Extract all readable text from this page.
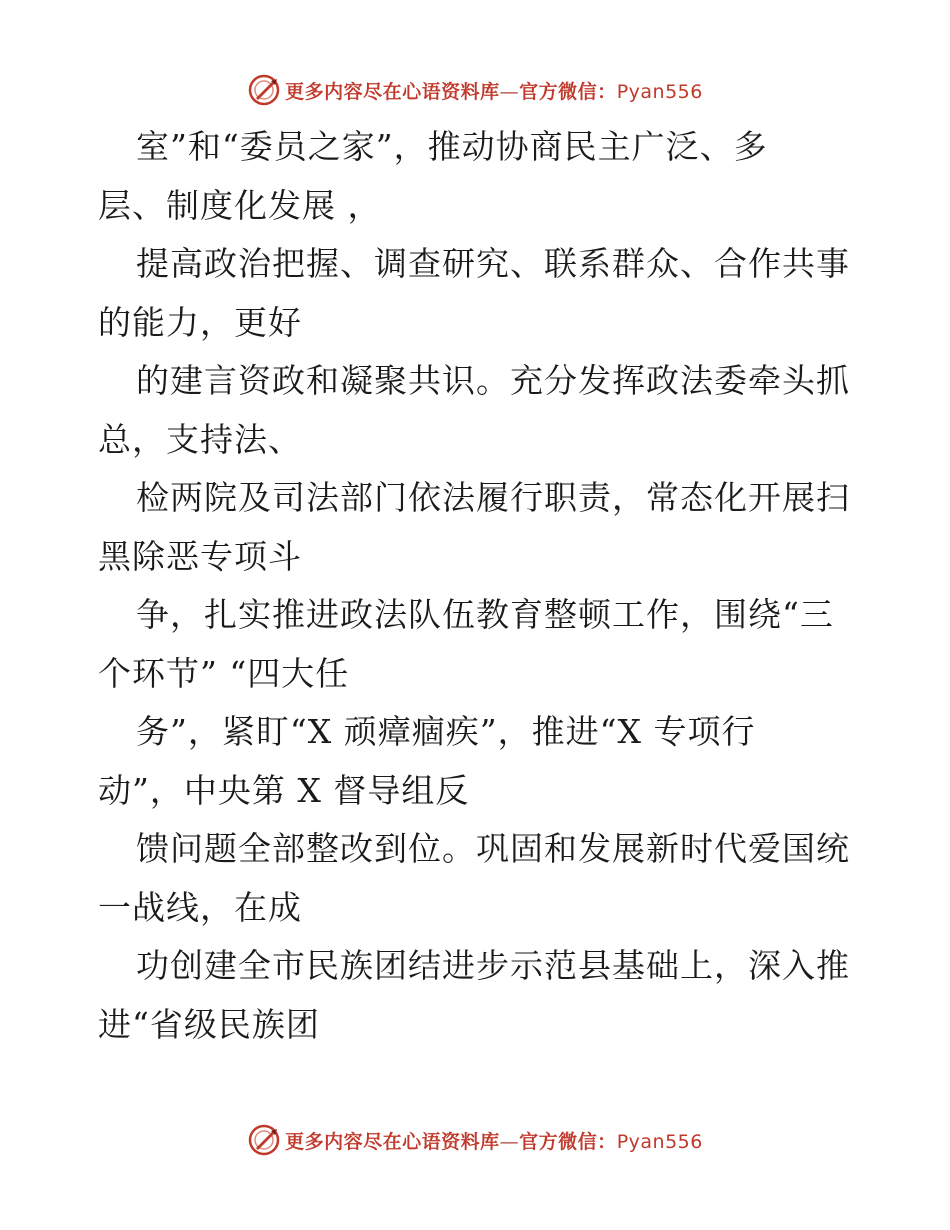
更多内容尽在心语资料库—官方微信：Pyan556
室”和“委员之家”，推动协商民主广泛、多
层、制度化发展 ，
提高政治把握、调查研究、联系群众、合作共事
的能力，更好
的建言资政和凝聚共识。充分发挥政法委牵头抓
总，支持法、
检两院及司法部门依法履行职责，常态化开展扫
黑除恶专项斗
争，扎实推进政法队伍教育整顿工作，围绕“三
个环节” “四大任
务”，紧盯“X 顽瘴痼疾”，推进“X 专项行
动”，中央第 X 督导组反
馈问题全部整改到位。巩固和发展新时代爱国统
一战线，在成
功创建全市民族团结进步示范县基础上，深入推
进“省级民族团
更多内容尽在心语资料库—官方微信：Pyan556
